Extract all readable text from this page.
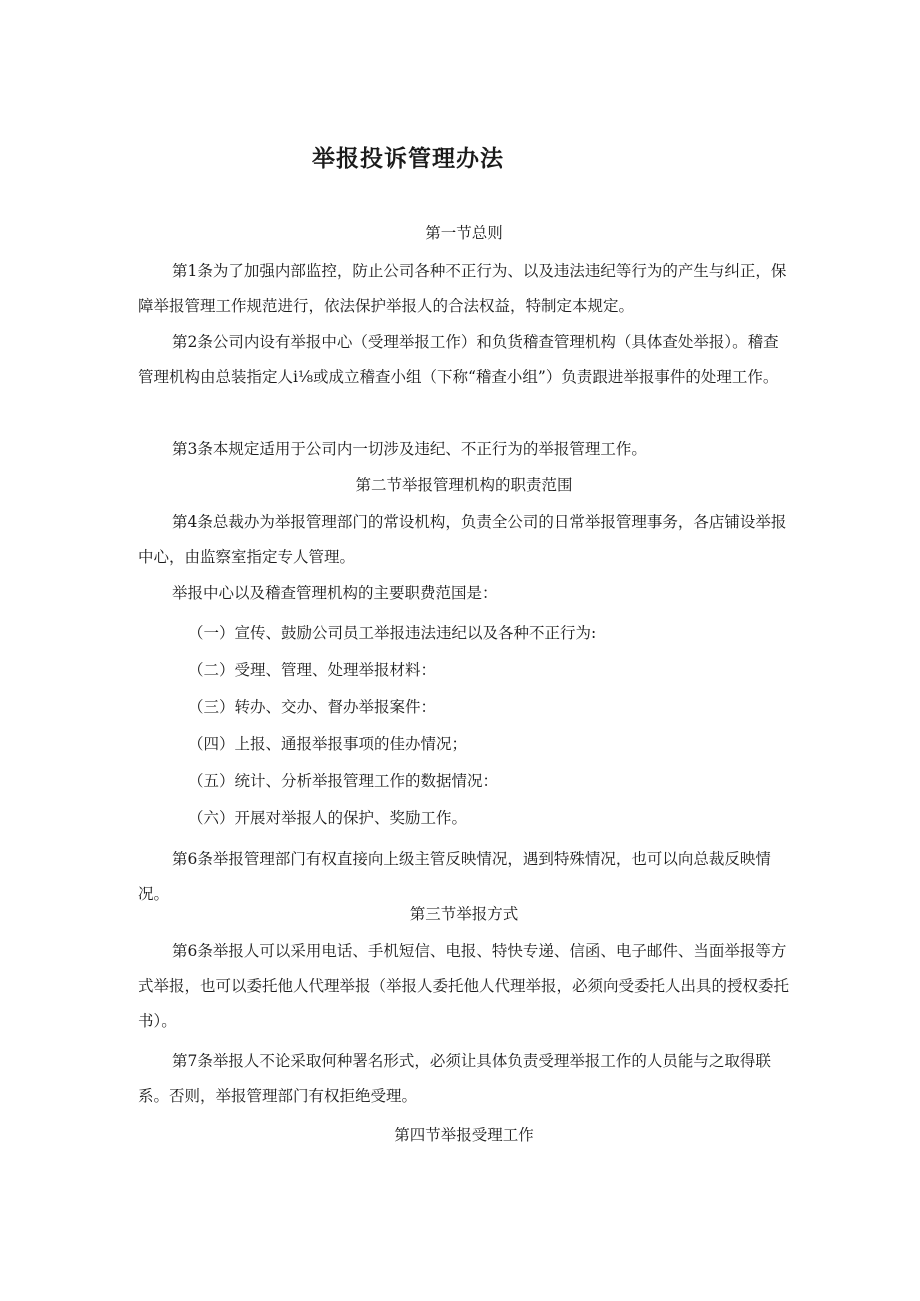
举报投诉管理办法
第一节总则
第1条为了加强内部监控，防止公司各种不正行为、以及违法违纪等行为的产生与纠正，保障举报管理工作规范进行，依法保护举报人的合法权益，特制定本规定。
第2条公司内设有举报中心（受理举报工作）和负货稽查管理机构（具体查处举报）。稽查管理机构由总装指定人i⅛或成立稽查小组（下称“稽查小组”）负责跟进举报事件的处理工作。
第3条本规定适用于公司内一切涉及违纪、不正行为的举报管理工作。
第二节举报管理机构的职责范围
第4条总裁办为举报管理部门的常设机构，负责全公司的日常举报管理事务，各店铺设举报中心，由监察室指定专人管理。
举报中心以及稽查管理机构的主要职费范国是：
（一）宣传、鼓励公司员工举报违法违纪以及各种不正行为:
（二）受理、管理、处理举报材料：
（三）转办、交办、督办举报案件：
（四）上报、通报举报事项的佳办情况；
（五）统计、分析举报管理工作的数据情况：
（六）开展对举报人的保护、奖励工作。
第6条举报管理部门有权直接向上级主管反映情况，遇到特殊情况，也可以向总裁反映情况。
第三节举报方式
第6条举报人可以采用电话、手机短信、电报、特快专递、信函、电子邮件、当面举报等方式举报，也可以委托他人代理举报（举报人委托他人代理举报，必须向受委托人出具的授权委托书）。
第7条举报人不论采取何种署名形式，必须让具体负责受理举报工作的人员能与之取得联系。否则，举报管理部门有权拒绝受理。
第四节举报受理工作
